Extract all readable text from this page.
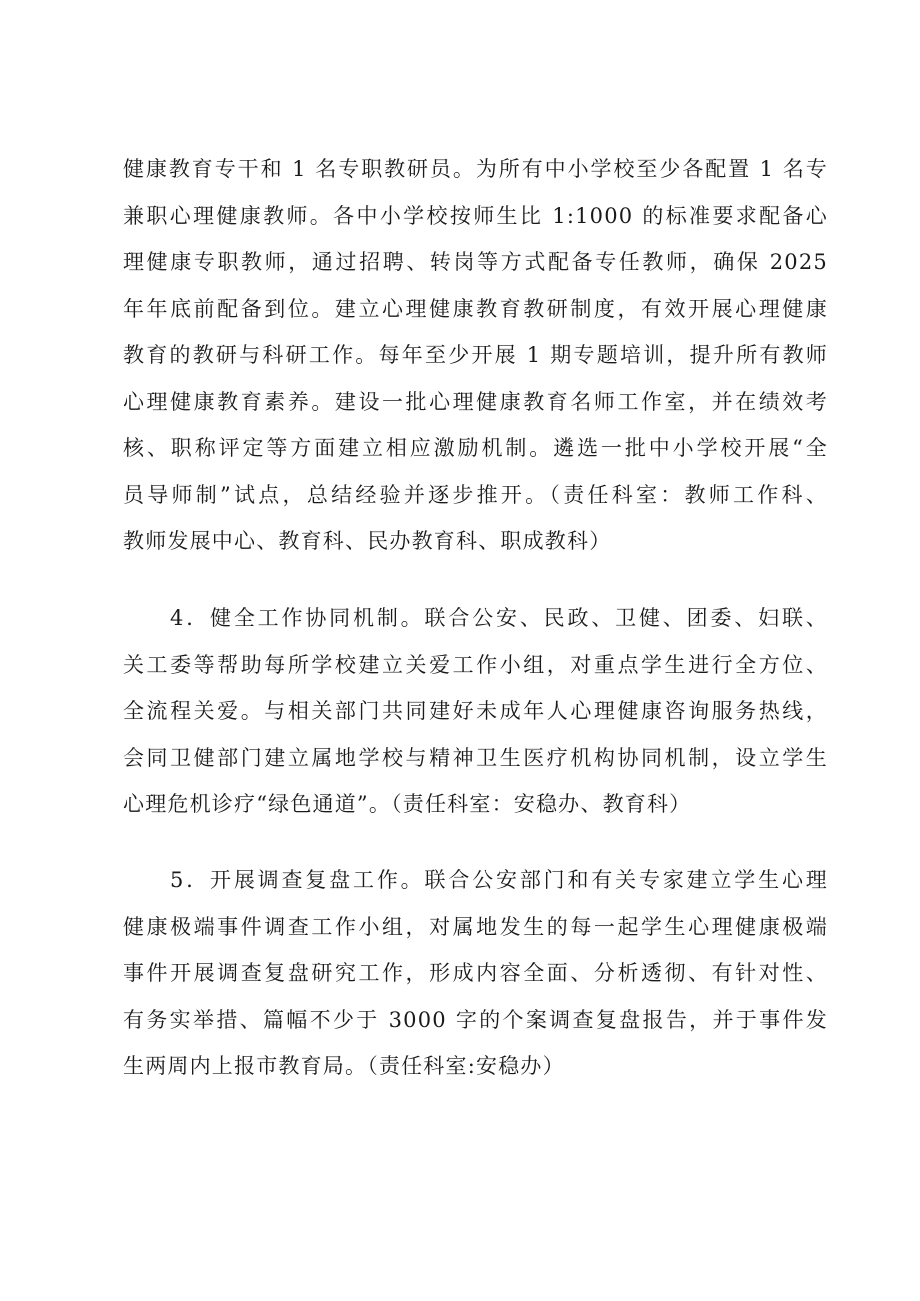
健康教育专干和 1 名专职教研员。为所有中小学校至少各配置 1 名专
兼职心理健康教师。各中小学校按师生比 1:1000 的标准要求配备心
理健康专职教师，通过招聘、转岗等方式配备专任教师，确保 2025
年年底前配备到位。建立心理健康教育教研制度，有效开展心理健康
教育的教研与科研工作。每年至少开展 1 期专题培训，提升所有教师
心理健康教育素养。建设一批心理健康教育名师工作室，并在绩效考
核、职称评定等方面建立相应激励机制。遴选一批中小学校开展“全
员导师制”试点，总结经验并逐步推开。（责任科室：教师工作科、
教师发展中心、教育科、民办教育科、职成教科）
4．健全工作协同机制。联合公安、民政、卫健、团委、妇联、
关工委等帮助每所学校建立关爱工作小组，对重点学生进行全方位、
全流程关爱。与相关部门共同建好未成年人心理健康咨询服务热线，
会同卫健部门建立属地学校与精神卫生医疗机构协同机制，设立学生
心理危机诊疗“绿色通道”。（责任科室：安稳办、教育科）
5．开展调查复盘工作。联合公安部门和有关专家建立学生心理
健康极端事件调查工作小组，对属地发生的每一起学生心理健康极端
事件开展调查复盘研究工作，形成内容全面、分析透彻、有针对性、
有务实举措、篇幅不少于 3000 字的个案调查复盘报告，并于事件发
生两周内上报市教育局。（责任科室:安稳办）
